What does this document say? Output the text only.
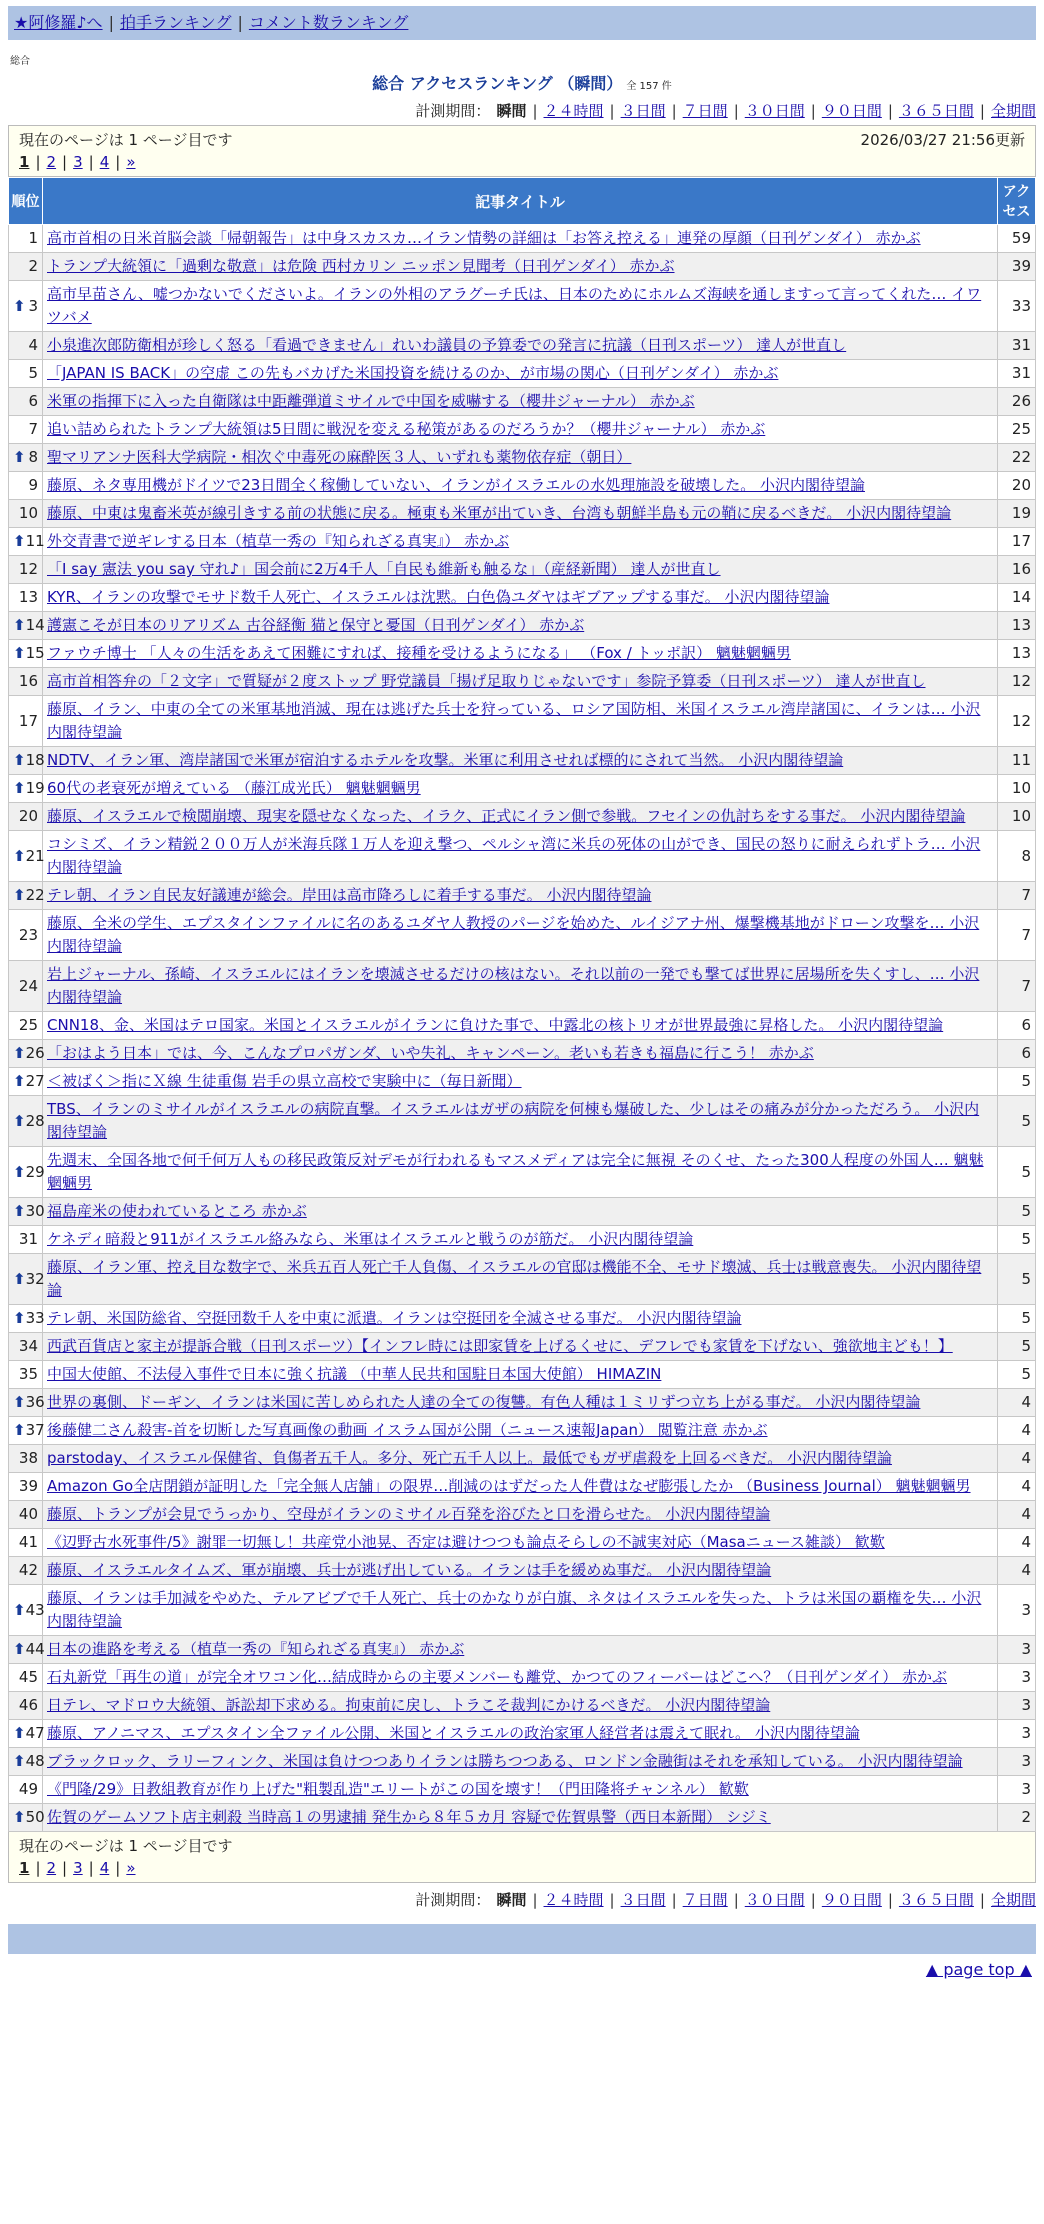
★阿修羅♪へ | 拍手ランキング | コメント数ランキング
総合
総合 アクセスランキング （瞬間） 全 157 件
計測期間： 瞬間 | ２４時間 | ３日間 | ７日間 | ３０日間 | ９０日間 | ３６５日間 | 全期間
現在のページは 1 ページ目です	2026/03/27 21:56更新
1 | 2 | 3 | 4 | »
順位	記事タイトル	アクセス
1	高市首相の日米首脳会談「帰朝報告」は中身スカスカ…イラン情勢の詳細は「お答え控える」連発の厚顔（日刊ゲンダイ） 赤かぶ	59
2	トランプ大統領に「過剰な敬意」は危険 西村カリン ニッポン見聞考（日刊ゲンダイ） 赤かぶ	39

⬆ 3	高市早苗さん、嘘つかないでくださいよ。イランの外相のアラグーチ氏は、日本のためにホルムズ海峡を通しますって言ってくれた… イワツバメ	33
4	小泉進次郎防衛相が珍しく怒る「看過できません」れいわ議員の予算委での発言に抗議（日刊スポーツ） 達人が世直し	31
5	「JAPAN IS BACK」の空虚 この先もバカげた米国投資を続けるのか、が市場の関心（日刊ゲンダイ） 赤かぶ	31
6	米軍の指揮下に入った自衛隊は中距離弾道ミサイルで中国を威嚇する（櫻井ジャーナル） 赤かぶ	26
7	追い詰められたトランプ大統領は5日間に戦況を変える秘策があるのだろうか？（櫻井ジャーナル） 赤かぶ	25

⬆ 8	聖マリアンナ医科大学病院・相次ぐ中毒死の麻酔医３人、いずれも薬物依存症（朝日）	22
9	藤原、ネタ専用機がドイツで23日間全く稼働していない、イランがイスラエルの水処理施設を破壊した。 小沢内閣待望論	20
10	藤原、中東は鬼畜米英が線引きする前の状態に戻る。極東も米軍が出ていき、台湾も朝鮮半島も元の鞘に戻るべきだ。 小沢内閣待望論	19

⬆ 11	外交青書で逆ギレする日本（植草一秀の『知られざる真実』） 赤かぶ	17
12	「I say 憲法 you say 守れ♪」国会前に2万4千人「自民も維新も触るな」（産経新聞） 達人が世直し	16
13	KYR、イランの攻撃でモサド数千人死亡、イスラエルは沈黙。白色偽ユダヤはギブアップする事だ。 小沢内閣待望論	14

⬆ 14	護憲こそが日本のリアリズム 古谷経衡 猫と保守と憂国（日刊ゲンダイ） 赤かぶ	13

⬆ 15	ファウチ博士 「人々の生活をあえて困難にすれば、接種を受けるようになる」 （Fox / トッポ訳） 魑魅魍魎男	13
16	高市首相答弁の「２文字」で質疑が２度ストップ 野党議員「揚げ足取りじゃないです」参院予算委（日刊スポーツ） 達人が世直し	12
17	藤原、イラン、中東の全ての米軍基地消滅、現在は逃げた兵士を狩っている、ロシア国防相、米国イスラエル湾岸諸国に、イランは… 小沢内閣待望論	12

⬆ 18	NDTV、イラン軍、湾岸諸国で米軍が宿泊するホテルを攻撃。米軍に利用させれば標的にされて当然。 小沢内閣待望論	11

⬆ 19	60代の老衰死が増えている （藤江成光氏） 魑魅魍魎男	10
20	藤原、イスラエルで検閲崩壊、現実を隠せなくなった、イラク、正式にイラン側で参戦。フセインの仇討ちをする事だ。 小沢内閣待望論	10

⬆ 21	コシミズ、イラン精鋭２００万人が米海兵隊１万人を迎え撃つ、ペルシャ湾に米兵の死体の山ができ、国民の怒りに耐えられずトラ… 小沢内閣待望論	8

⬆ 22	テレ朝、イラン自民友好議連が総会。岸田は高市降ろしに着手する事だ。 小沢内閣待望論	7
23	藤原、全米の学生、エプスタインファイルに名のあるユダヤ人教授のパージを始めた、ルイジアナ州、爆撃機基地がドローン攻撃を… 小沢内閣待望論	7
24	岩上ジャーナル、孫崎、イスラエルにはイランを壊滅させるだけの核はない。それ以前の一発でも撃てば世界に居場所を失くすし、… 小沢内閣待望論	7
25	CNN18、金、米国はテロ国家。米国とイスラエルがイランに負けた事で、中露北の核トリオが世界最強に昇格した。 小沢内閣待望論	6

⬆ 26	「おはよう日本」では、今、こんなプロパガンダ、いや失礼、キャンペーン。老いも若きも福島に行こう！ 赤かぶ	6

⬆ 27	＜被ばく＞指にＸ線 生徒重傷 岩手の県立高校で実験中に（毎日新聞）	5

⬆ 28	TBS、イランのミサイルがイスラエルの病院直撃。イスラエルはガザの病院を何棟も爆破した、少しはその痛みが分かっただろう。 小沢内閣待望論	5

⬆ 29	先週末、全国各地で何千何万人もの移民政策反対デモが行われるもマスメディアは完全に無視 そのくせ、たった300人程度の外国人… 魑魅魍魎男	5

⬆ 30	福島産米の使われているところ 赤かぶ	5
31	ケネディ暗殺と911がイスラエル絡みなら、米軍はイスラエルと戦うのが筋だ。 小沢内閣待望論	5

⬆ 32	藤原、イラン軍、控え目な数字で、米兵五百人死亡千人負傷、イスラエルの官邸は機能不全、モサド壊滅、兵士は戦意喪失。 小沢内閣待望論	5

⬆ 33	テレ朝、米国防総省、空挺団数千人を中東に派遣。イランは空挺団を全滅させる事だ。 小沢内閣待望論	5
34	西武百貨店と家主が提訴合戦（日刊スポーツ）【インフレ時には即家賃を上げるくせに、デフレでも家賃を下げない、強欲地主ども！】	5
35	中国大使館、不法侵入事件で日本に強く抗議 （中華人民共和国駐日本国大使館） HIMAZIN	5

⬆ 36	世界の裏側、ドーギン、イランは米国に苦しめられた人達の全ての復讐。有色人種は１ミリずつ立ち上がる事だ。 小沢内閣待望論	4

⬆ 37	後藤健二さん殺害-首を切断した写真画像の動画 イスラム国が公開（ニュース速報Japan） 閲覧注意 赤かぶ	4
38	parstoday、イスラエル保健省、負傷者五千人。多分、死亡五千人以上。最低でもガザ虐殺を上回るべきだ。 小沢内閣待望論	4
39	Amazon Go全店閉鎖が証明した「完全無人店舗」の限界…削減のはずだった人件費はなぜ膨張したか （Business Journal） 魑魅魍魎男	4
40	藤原、トランプが会見でうっかり、空母がイランのミサイル百発を浴びたと口を滑らせた。 小沢内閣待望論	4
41	《辺野古水死事件/5》謝罪一切無し！共産党小池晃、否定は避けつつも論点そらしの不誠実対応（Masaニュース雑談） 歓歎	4
42	藤原、イスラエルタイムズ、軍が崩壊、兵士が逃げ出している。イランは手を緩めぬ事だ。 小沢内閣待望論	4

⬆ 43	藤原、イランは手加減をやめた、テルアビブで千人死亡、兵士のかなりが白旗、ネタはイスラエルを失った、トラは米国の覇権を失… 小沢内閣待望論	3

⬆ 44	日本の進路を考える（植草一秀の『知られざる真実』） 赤かぶ	3
45	石丸新党「再生の道」が完全オワコン化…結成時からの主要メンバーも離党、かつてのフィーバーはどこへ？（日刊ゲンダイ） 赤かぶ	3
46	日テレ、マドロウ大統領、訴訟却下求める。拘束前に戻し、トラこそ裁判にかけるべきだ。 小沢内閣待望論	3

⬆ 47	藤原、アノニマス、エプスタイン全ファイル公開、米国とイスラエルの政治家軍人経営者は震えて眠れ。 小沢内閣待望論	3

⬆ 48	ブラックロック、ラリーフィンク、米国は負けつつありイランは勝ちつつある、ロンドン金融街はそれを承知している。 小沢内閣待望論	3
49	《門隆/29》日教組教育が作り上げた"粗製乱造"エリートがこの国を壊す！（門田隆将チャンネル） 歓歎	3

⬆ 50	佐賀のゲームソフト店主刺殺 当時高１の男逮捕 発生から８年５カ月 容疑で佐賀県警（西日本新聞） シジミ	2
現在のページは 1 ページ目です
1 | 2 | 3 | 4 | »
計測期間： 瞬間 | ２４時間 | ３日間 | ７日間 | ３０日間 | ９０日間 | ３６５日間 | 全期間
▲ page top ▲
